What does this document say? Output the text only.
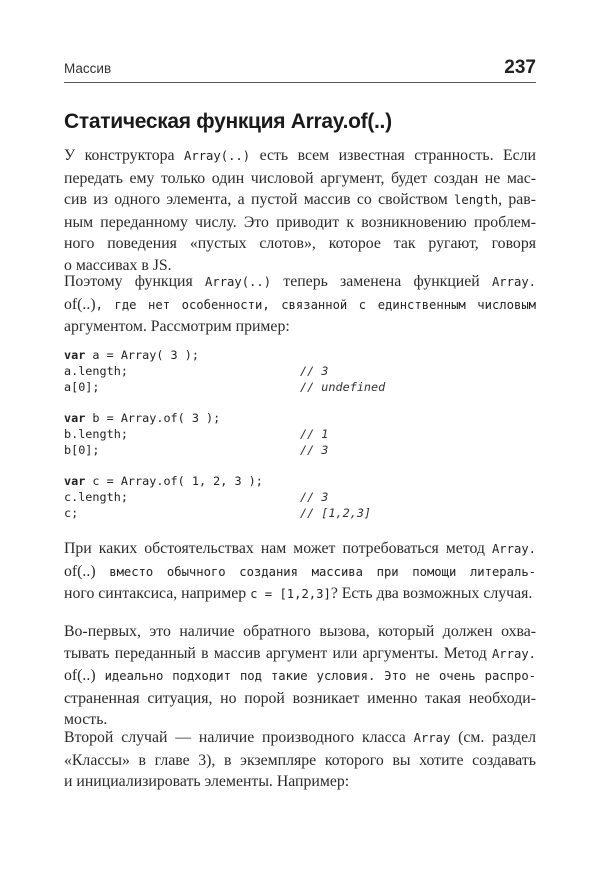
Массив	237
Статическая функция Array.of(..)

У конструктора Array(..) есть всем известная странность. Если
передать ему только один числовой аргумент, будет создан не мас-
сив из одного элемента, а пустой массив со свойством length, рав-
ным переданному числу. Это приводит к возникновению проблем-
ного поведения «пустых слотов», которое так ругают, говоря
о массивах в JS.

Поэтому функция Array(..) теперь заменена функцией Array.
of(..), где нет особенности, связанной с единственным числовым
аргументом. Рассмотрим пример:

var a = Array( 3 );
a.length;	// 3
a[0];	// undefined
var b = Array.of( 3 );
b.length;	// 1
b[0];	// 3
var c = Array.of( 1, 2, 3 );
c.length;	// 3
c;	// [1,2,3]

При каких обстоятельствах нам может потребоваться метод Array.
of(..) вместо обычного создания массива при помощи литераль-
ного синтаксиса, например c = [1,2,3]? Есть два возможных случая.

Во-первых, это наличие обратного вызова, который должен охва-
тывать переданный в массив аргумент или аргументы. Метод Array.
of(..) идеально подходит под такие условия. Это не очень распро-
страненная ситуация, но порой возникает именно такая необходи-
мость.

Второй случай — наличие производного класса Array (см. раздел
«Классы» в главе 3), в экземпляре которого вы хотите создавать
и инициализировать элементы. Например:
